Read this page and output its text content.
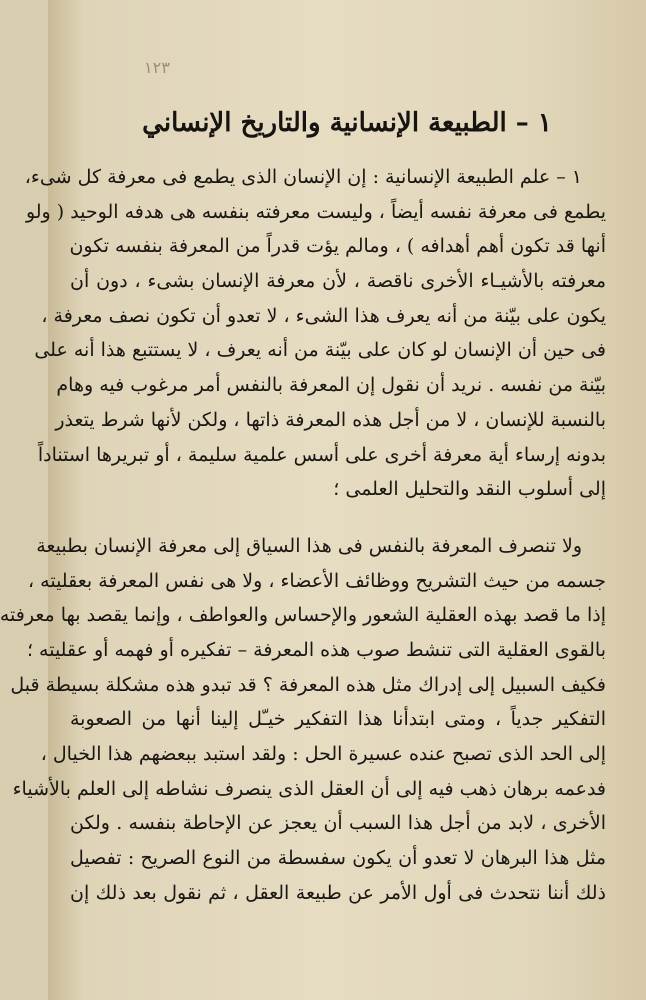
١٢٣
١ – الطبيعة الإنسانية والتاريخ الإنساني
١ – علم الطبيعة الإنسانية : إن الإنسان الذى يطمع فى معرفة كل شىء،
يطمع فى معرفة نفسه أيضاً ، وليست معرفته بنفسه هى هدفه الوحيد ( ولو
أنها قد تكون أهم أهدافه ) ، ومالم يؤت قدراً من المعرفة بنفسه تكون
معرفته بالأشيـاء الأخرى ناقصة ، لأن معرفة الإنسان بشىء ، دون أن
يكون على بيّنة من أنه يعرف هذا الشىء ، لا تعدو أن تكون نصف معرفة ،
فى حين أن الإنسان لو كان على بيّنة من أنه يعرف ، لا يستتبع هذا أنه على
بيّنة من نفسه . نريد أن نقول إن المعرفة بالنفس أمر مرغوب فيه وهام
بالنسبة للإنسان ، لا من أجل هذه المعرفة ذاتها ، ولكن لأنها شرط يتعذر
بدونه إرساء أية معرفة أخرى على أسس علمية سليمة ، أو تبريرها استناداً
إلى أسلوب النقد والتحليل العلمى ؛
ولا تنصرف المعرفة بالنفس فى هذا السياق إلى معرفة الإنسان بطبيعة
جسمه من حيث التشريح ووظائف الأعضاء ، ولا هى نفس المعرفة بعقليته ،
إذا ما قصد بهذه العقلية الشعور والإحساس والعواطف ، وإنما يقصد بها معرفته
بالقوى العقلية التى تنشط صوب هذه المعرفة – تفكيره أو فهمه أو عقليته ؛
فكيف السبيل إلى إدراك مثل هذه المعرفة ؟ قد تبدو هذه مشكلة بسيطة قبل
التفكير جدياً ، ومتى ابتدأنا هذا التفكير خيـّل إلينا أنها من الصعوبة
إلى الحد الذى تصبح عنده عسيرة الحل : ولقد استبد ببعضهم هذا الخيال ،
فدعمه برهان ذهب فيه إلى أن العقل الذى ينصرف نشاطه إلى العلم بالأشياء
الأخرى ، لابد من أجل هذا السبب أن يعجز عن الإحاطة بنفسه . ولكن
مثل هذا البرهان لا تعدو أن يكون سفسطة من النوع الصريح : تفصيل
ذلك أننا نتحدث فى أول الأمر عن طبيعة العقل ، ثم نقول بعد ذلك إن
